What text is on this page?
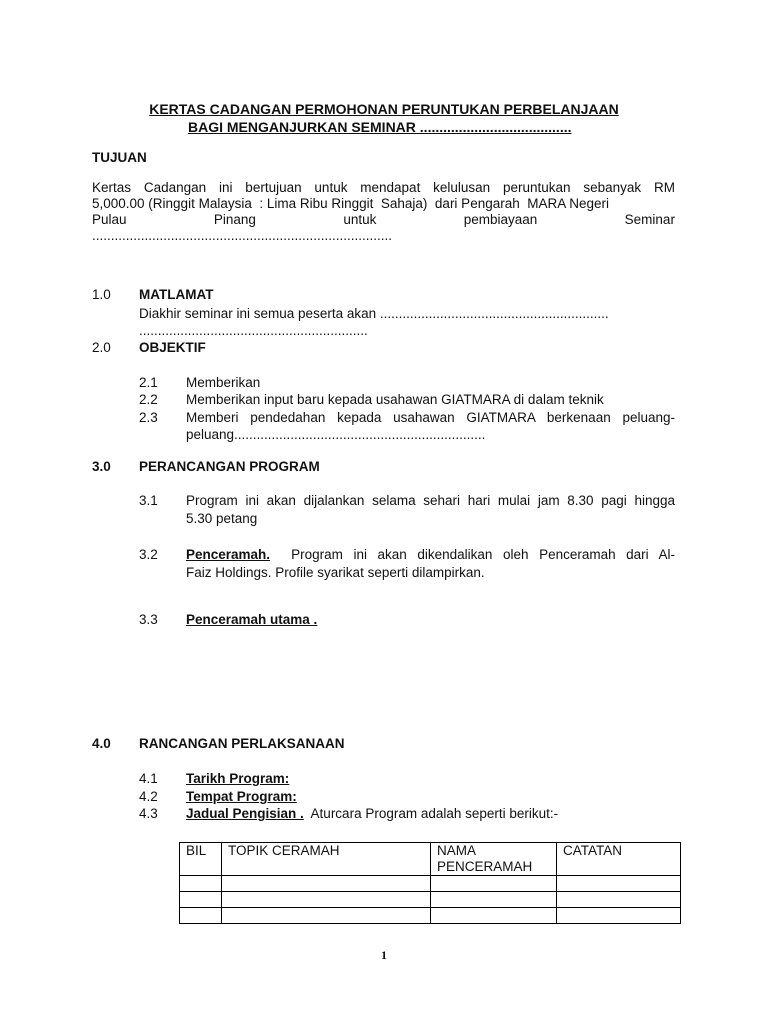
KERTAS CADANGAN PERMOHONAN PERUNTUKAN PERBELANJAAN
BAGI MENGANJURKAN SEMINAR .......................................
TUJUAN
Kertas Cadangan ini bertujuan untuk mendapat kelulusan peruntukan sebanyak RM
5,000.00 (Ringgit Malaysia  : Lima Ribu Ringgit  Sahaja)  dari Pengarah  MARA Negeri
Pulau	Pinang	untuk	pembiayaan	Seminar
................................................................................
1.0 MATLAMAT
Diakhir seminar ini semua peserta akan .............................................................
.............................................................
2.0 OBJEKTIF
2.1 Memberikan
2.2 Memberikan input baru kepada usahawan GIATMARA di dalam teknik
2.3 Memberi pendedahan kepada usahawan GIATMARA berkenaan peluang-
peluang...................................................................
3.0 PERANCANGAN PROGRAM
3.1 Program ini akan dijalankan selama sehari hari mulai jam 8.30 pagi hingga
5.30 petang
3.2 Penceramah. Program ini akan dikendalikan oleh Penceramah dari Al-
Faiz Holdings. Profile syarikat seperti dilampirkan.
3.3 Penceramah utama .
4.0 RANCANGAN PERLAKSANAAN
4.1 Tarikh Program:
4.2 Tempat Program:
4.3 Jadual Pengisian .  Aturcara Program adalah seperti berikut:-
BIL	TOPIK CERAMAH	NAMA PENCERAMAH	CATATAN

1
